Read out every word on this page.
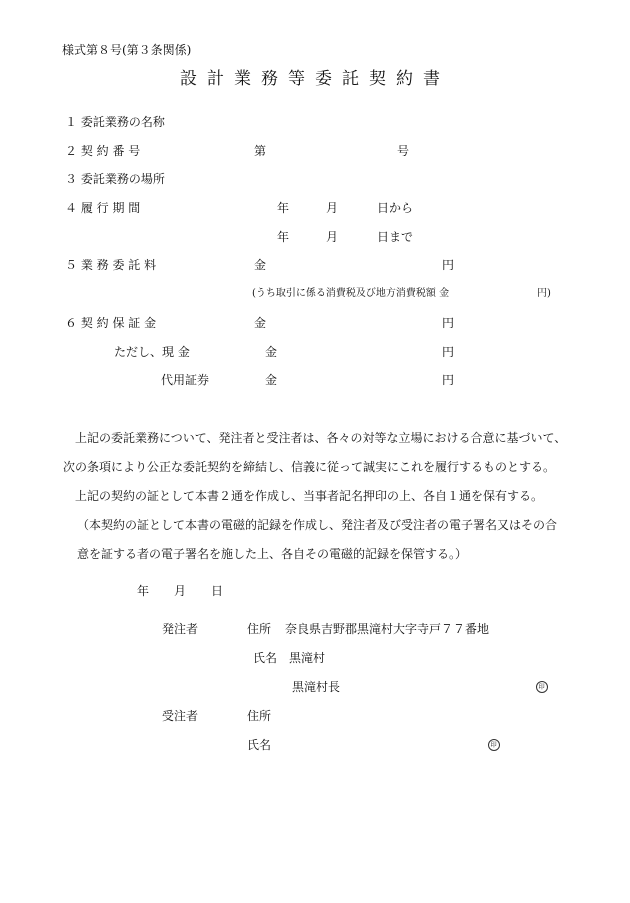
様式第８号(第３条関係)
設計業務等委託契約書
１ 委託業務の名称
２ 契 約 番 号	第	号
３ 委託業務の場所
４ 履 行 期 間	年	月	日から
年	月	日まで
５ 業 務 委 託 料	金	円
(うち取引に係る消費税及び地方消費税額 金	円)
６ 契 約 保 証 金	金	円
ただし、現 金	金	円
代用証券	金	円
上記の委託業務について、発注者と受注者は、各々の対等な立場における合意に基づいて、
次の条項により公正な委託契約を締結し、信義に従って誠実にこれを履行するものとする。
上記の契約の証として本書２通を作成し、当事者記名押印の上、各自１通を保有する。
（本契約の証として本書の電磁的記録を作成し、発注者及び受注者の電子署名又はその合
意を証する者の電子署名を施した上、各自その電磁的記録を保管する。）
年 月 日
発注者	住所 奈良県吉野郡黒滝村大字寺戸７７番地
氏名 黒滝村
黒滝村長	印
受注者	住所
氏名	印
